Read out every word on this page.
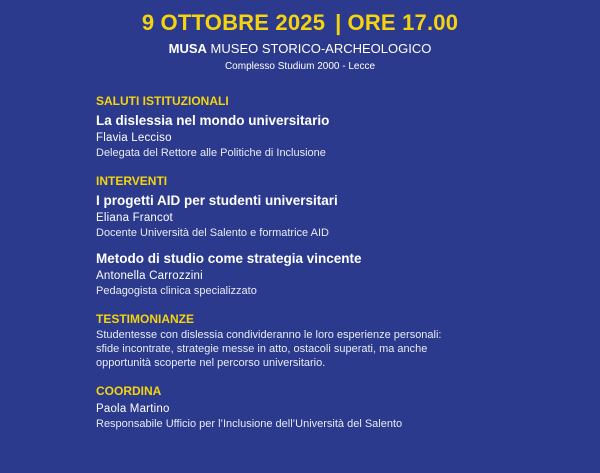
9 OTTOBRE 2025 | ORE 17.00
MUSA MUSEO STORICO-ARCHEOLOGICO
Complesso Studium 2000 - Lecce
SALUTI ISTITUZIONALI
La dislessia nel mondo universitario
Flavia Lecciso
Delegata del Rettore alle Politiche di Inclusione
INTERVENTI
I progetti AID per studenti universitari
Eliana Francot
Docente Università del Salento e formatrice AID
Metodo di studio come strategia vincente
Antonella Carrozzini
Pedagogista clinica specializzato
TESTIMONIANZE
Studentesse con dislessia condivideranno le loro esperienze personali:
sfide incontrate, strategie messe in atto, ostacoli superati, ma anche
opportunità scoperte nel percorso universitario.
COORDINA
Paola Martino
Responsabile Ufficio per l’Inclusione dell’Università del Salento
